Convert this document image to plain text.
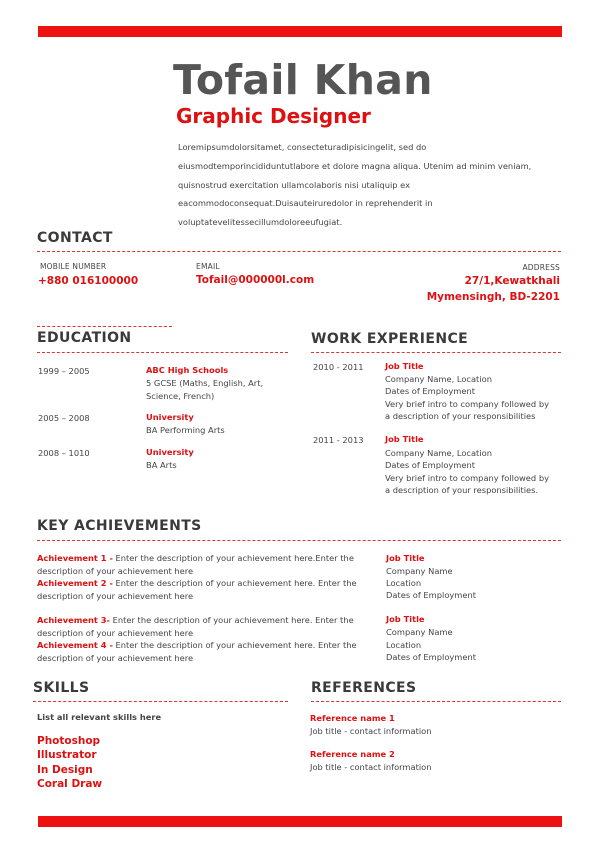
Tofail Khan
Graphic Designer
Loremipsumdolorsitamet, consecteturadipisicingelit, sed do
eiusmodtemporincididuntutlabore et dolore magna aliqua. Utenim ad minim veniam,
quisnostrud exercitation ullamcolaboris nisi utaliquip ex
eacommodoconsequat.Duisauteiruredolor in reprehenderit in
voluptatevelitessecillumdoloreeufugiat.
CONTACT
MOBILE NUMBER
+880 016100000
EMAIL
Tofail@000000l.com
ADDRESS
27/1,Kewatkhali
Mymensingh, BD-2201
EDUCATION
1999 – 2005	ABC High Schools
5 GCSE (Maths, English, Art,
Science, French)
2005 – 2008	University
BA Performing Arts
2008 – 1010	University
BA Arts
WORK EXPERIENCE
2010 - 2011	Job Title
Company Name, Location
Dates of Employment
Very brief intro to company followed by
a description of your responsibilities
2011 - 2013	Job Title
Company Name, Location
Dates of Employment
Very brief intro to company followed by
a description of your responsibilities.
KEY ACHIEVEMENTS
Achievement 1 - Enter the description of your achievement here.Enter the
description of your achievement here
Achievement 2 - Enter the description of your achievement here. Enter the
description of your achievement here
Achievement 3- Enter the description of your achievement here. Enter the
description of your achievement here
Achievement 4 - Enter the description of your achievement here. Enter the
description of your achievement here
Job Title
Company Name
Location
Dates of Employment
Job Title
Company Name
Location
Dates of Employment
SKILLS
List all relevant skills here
Photoshop
Illustrator
In Design
Coral Draw
REFERENCES
Reference name 1
Job title - contact information
Reference name 2
Job title - contact information
